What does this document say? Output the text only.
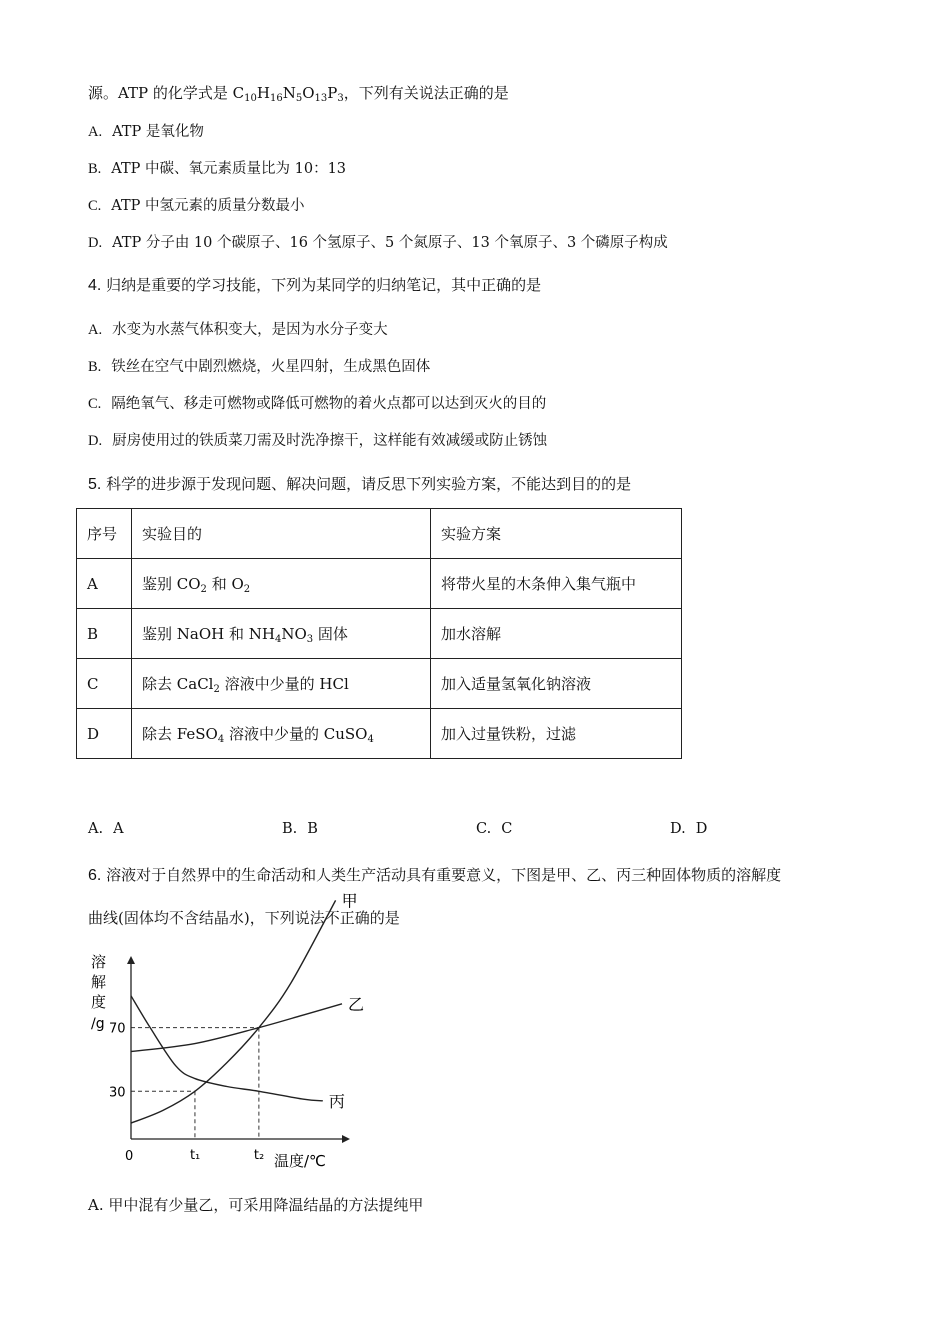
源。ATP 的化学式是 $C_{10}H_{16}N_5O_{13}P_3$，下列有关说法正确的是
A. ATP 是氧化物
B. ATP 中碳、氧元素质量比为 10：13
C. ATP 中氢元素的质量分数最小
D. ATP 分子由 10 个碳原子、16 个氢原子、5 个氮原子、13 个氧原子、3 个磷原子构成
4. 归纳是重要的学习技能，下列为某同学的归纳笔记，其中正确的是
A. 水变为水蒸气体积变大，是因为水分子变大
B. 铁丝在空气中剧烈燃烧，火星四射，生成黑色固体
C. 隔绝氧气、移走可燃物或降低可燃物的着火点都可以达到灭火的目的
D. 厨房使用过的铁质菜刀需及时洗净擦干，这样能有效减缓或防止锈蚀
5. 科学的进步源于发现问题、解决问题，请反思下列实验方案，不能达到目的的是
序号	实验目的	实验方案
A	鉴别 $CO_2$ 和 $O_2$	将带火星的木条伸入集气瓶中
B	鉴别 NaOH 和 $NH_4NO_3$ 固体	加水溶解
C	除去 CaCl$_2$ 溶液中少量的 HCl	加入适量氢氧化钠溶液
D	除去 FeSO$_4$ 溶液中少量的 CuSO$_4$	加入过量铁粉，过滤
A. A	B. B	C. C	D. D
6. 溶液对于自然界中的生命活动和人类生产活动具有重要意义，下图是甲、乙、丙三种固体物质的溶解度
曲线(固体均不含结晶水)，下列说法不正确的是
溶
解
度
/g
0	温度/℃
70
30
t₁	t₂
甲
乙
丙
A. 甲中混有少量乙，可采用降温结晶的方法提纯甲
